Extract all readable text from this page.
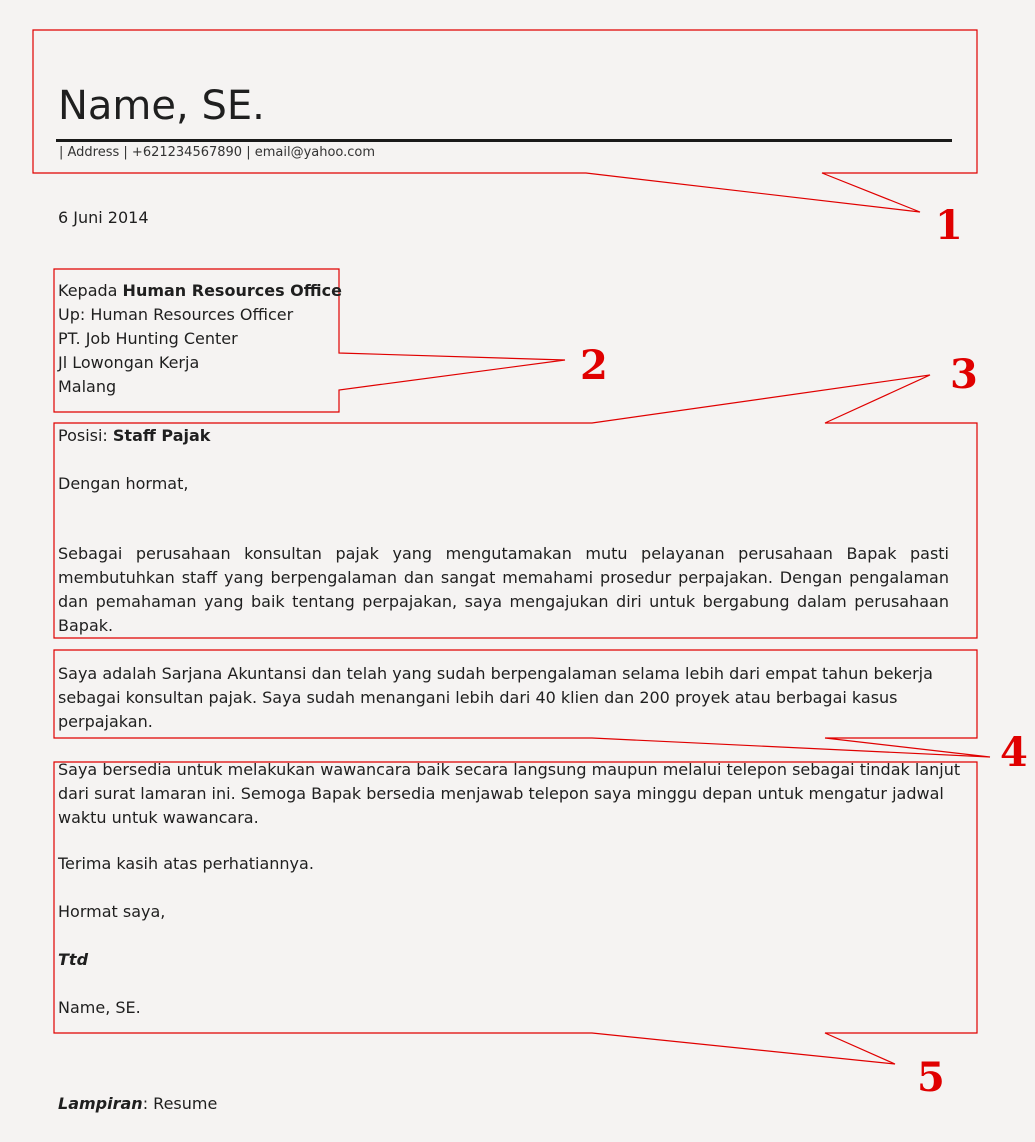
1
2	3
4
5
Name, SE.
| Address | +621234567890 | email@yahoo.com
6 Juni 2014
Kepada Human Resources Office
Up: Human Resources Officer
PT. Job Hunting Center
Jl Lowongan Kerja
Malang
Posisi: Staff Pajak
Dengan hormat,
Sebagai perusahaan konsultan pajak yang mengutamakan mutu pelayanan perusahaan Bapak pasti membutuhkan staff yang berpengalaman dan sangat memahami prosedur perpajakan. Dengan pengalaman dan pemahaman yang baik tentang perpajakan, saya mengajukan diri untuk bergabung dalam perusahaan Bapak.
Saya adalah Sarjana Akuntansi dan telah yang sudah berpengalaman selama lebih dari empat tahun bekerja
sebagai konsultan pajak. Saya sudah menangani lebih dari 40 klien dan 200 proyek atau berbagai kasus
perpajakan.
Saya bersedia untuk melakukan wawancara baik secara langsung maupun melalui telepon sebagai tindak lanjut
dari surat lamaran ini. Semoga Bapak bersedia menjawab telepon saya minggu depan untuk mengatur jadwal
waktu untuk wawancara.
Terima kasih atas perhatiannya.
Hormat saya,
Ttd
Name, SE.
Lampiran: Resume
